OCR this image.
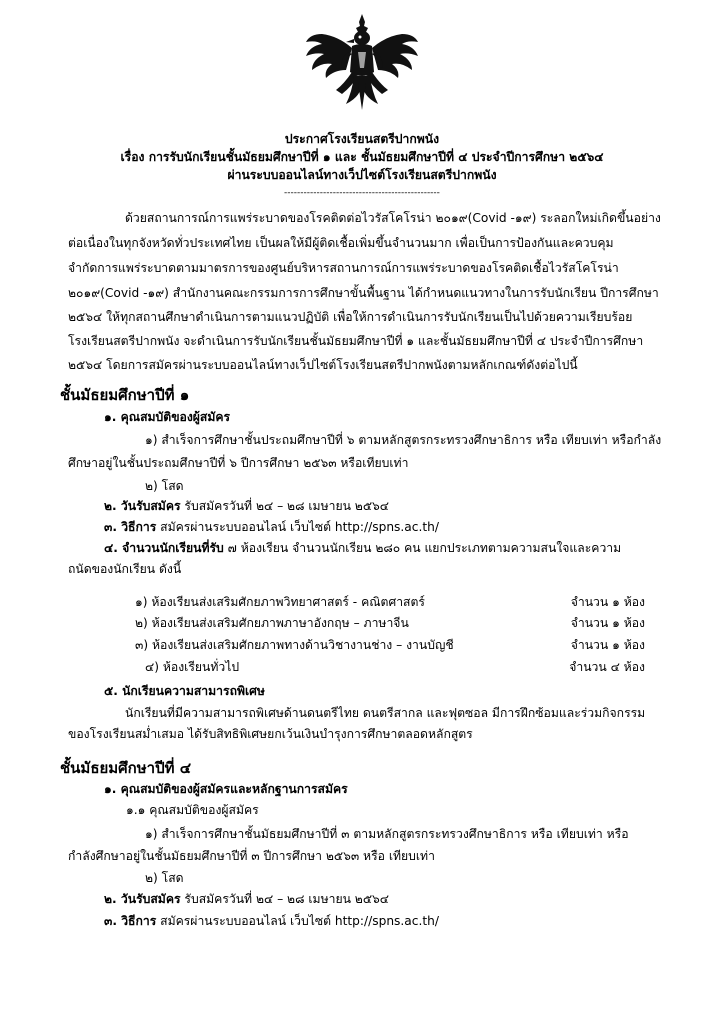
ประกาศโรงเรียนสตรีปากพนัง
เรื่อง การรับนักเรียนชั้นมัธยมศึกษาปีที่ ๑ และ ชั้นมัธยมศึกษาปีที่ ๔ ประจำปีการศึกษา ๒๕๖๔
ผ่านระบบออนไลน์ทางเว็ปไซต์โรงเรียนสตรีปากพนัง
------------------------------------------------
ด้วยสถานการณ์การแพร่ระบาดของโรคติดต่อไวรัสโคโรน่า ๒๐๑๙(Covid -๑๙) ระลอกใหม่เกิดขึ้นอย่าง
ต่อเนื่องในทุกจังหวัดทั่วประเทศไทย เป็นผลให้มีผู้ติดเชื้อเพิ่มขึ้นจำนวนมาก เพื่อเป็นการป้องกันและควบคุม
จำกัดการแพร่ระบาดตามมาตรการของศูนย์บริหารสถานการณ์การแพร่ระบาดของโรคติดเชื้อไวรัสโคโรน่า
๒๐๑๙(Covid -๑๙) สำนักงานคณะกรรมการการศึกษาขั้นพื้นฐาน ได้กำหนดแนวทางในการรับนักเรียน ปีการศึกษา
๒๕๖๔ ให้ทุกสถานศึกษาดำเนินการตามแนวปฏิบัติ เพื่อให้การดำเนินการรับนักเรียนเป็นไปด้วยความเรียบร้อย
โรงเรียนสตรีปากพนัง จะดำเนินการรับนักเรียนชั้นมัธยมศึกษาปีที่ ๑ และชั้นมัธยมศึกษาปีที่ ๔ ประจำปีการศึกษา
๒๕๖๔ โดยการสมัครผ่านระบบออนไลน์ทางเว็ปไซต์โรงเรียนสตรีปากพนังตามหลักเกณฑ์ดังต่อไปนี้
ชั้นมัธยมศึกษาปีที่ ๑
๑. คุณสมบัติของผู้สมัคร
๑) สำเร็จการศึกษาชั้นประถมศึกษาปีที่ ๖ ตามหลักสูตรกระทรวงศึกษาธิการ หรือ เทียบเท่า หรือกำลัง
ศึกษาอยู่ในชั้นประถมศึกษาปีที่ ๖ ปีการศึกษา ๒๕๖๓ หรือเทียบเท่า
๒) โสด
๒. วันรับสมัคร รับสมัครวันที่ ๒๔ – ๒๘ เมษายน ๒๕๖๔
๓. วิธีการ สมัครผ่านระบบออนไลน์ เว็บไซต์ http://spns.ac.th/
๔. จำนวนนักเรียนที่รับ ๗ ห้องเรียน จำนวนนักเรียน ๒๘๐ คน แยกประเภทตามความสนใจและความ
ถนัดของนักเรียน ดังนี้
๑) ห้องเรียนส่งเสริมศักยภาพวิทยาศาสตร์ - คณิตศาสตร์	จำนวน ๑ ห้อง
๒) ห้องเรียนส่งเสริมศักยภาพภาษาอังกฤษ – ภาษาจีน	จำนวน ๑ ห้อง
๓) ห้องเรียนส่งเสริมศักยภาพทางด้านวิชางานช่าง – งานบัญชี	จำนวน ๑ ห้อง
๔) ห้องเรียนทั่วไป	จำนวน ๔ ห้อง
๕. นักเรียนความสามารถพิเศษ
นักเรียนที่มีความสามารถพิเศษด้านดนตรีไทย ดนตรีสากล และฟุตซอล มีการฝึกซ้อมและร่วมกิจกรรม
ของโรงเรียนสม่ำเสมอ ได้รับสิทธิพิเศษยกเว้นเงินบำรุงการศึกษาตลอดหลักสูตร
ชั้นมัธยมศึกษาปีที่ ๔
๑. คุณสมบัติของผู้สมัครและหลักฐานการสมัคร
๑.๑ คุณสมบัติของผู้สมัคร
๑) สำเร็จการศึกษาชั้นมัธยมศึกษาปีที่ ๓ ตามหลักสูตรกระทรวงศึกษาธิการ หรือ เทียบเท่า หรือ
กำลังศึกษาอยู่ในชั้นมัธยมศึกษาปีที่ ๓ ปีการศึกษา ๒๕๖๓ หรือ เทียบเท่า
๒) โสด
๒. วันรับสมัคร รับสมัครวันที่ ๒๔ – ๒๘ เมษายน ๒๕๖๔
๓. วิธีการ สมัครผ่านระบบออนไลน์ เว็บไซต์ http://spns.ac.th/
